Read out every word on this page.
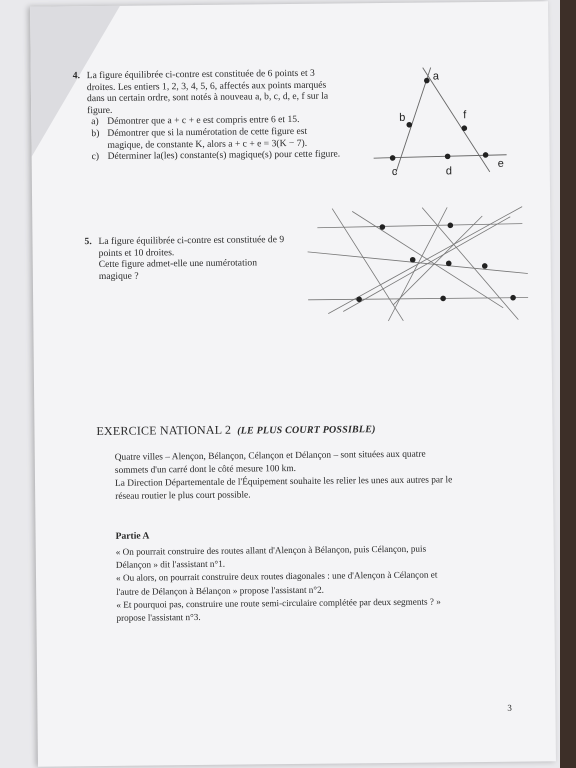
4. La figure équilibrée ci-contre est constituée de 6 points et 3

droites. Les entiers 1, 2, 3, 4, 5, 6, affectés aux points marqués

dans un certain ordre, sont notés à nouveau a, b, c, d, e, f sur la

figure.

a) Démontrer que a + c + e est compris entre 6 et 15.

b) Démontrer que si la numérotation de cette figure est

magique, de constante K, alors a + c + e = 3(K − 7).

c) Déterminer la(les) constante(s) magique(s) pour cette figure.

a
b	f
c	d
e
5. La figure équilibrée ci-contre est constituée de 9

points et 10 droites.

Cette figure admet-elle une numérotation

magique ?

EXERCICE NATIONAL 2 (LE PLUS COURT POSSIBLE)

Quatre villes – Alençon, Bélançon, Célançon et Délançon – sont situées aux quatre

sommets d'un carré dont le côté mesure 100 km.

La Direction Départementale de l'Équipement souhaite les relier les unes aux autres par le

réseau routier le plus court possible.

Partie A

« On pourrait construire des routes allant d'Alençon à Bélançon, puis Célançon, puis

Délançon » dit l'assistant n°1.

« Ou alors, on pourrait construire deux routes diagonales : une d'Alençon à Célançon et

l'autre de Délançon à Bélançon » propose l'assistant n°2.

« Et pourquoi pas, construire une route semi-circulaire complétée par deux segments ? »

propose l'assistant n°3.

3
